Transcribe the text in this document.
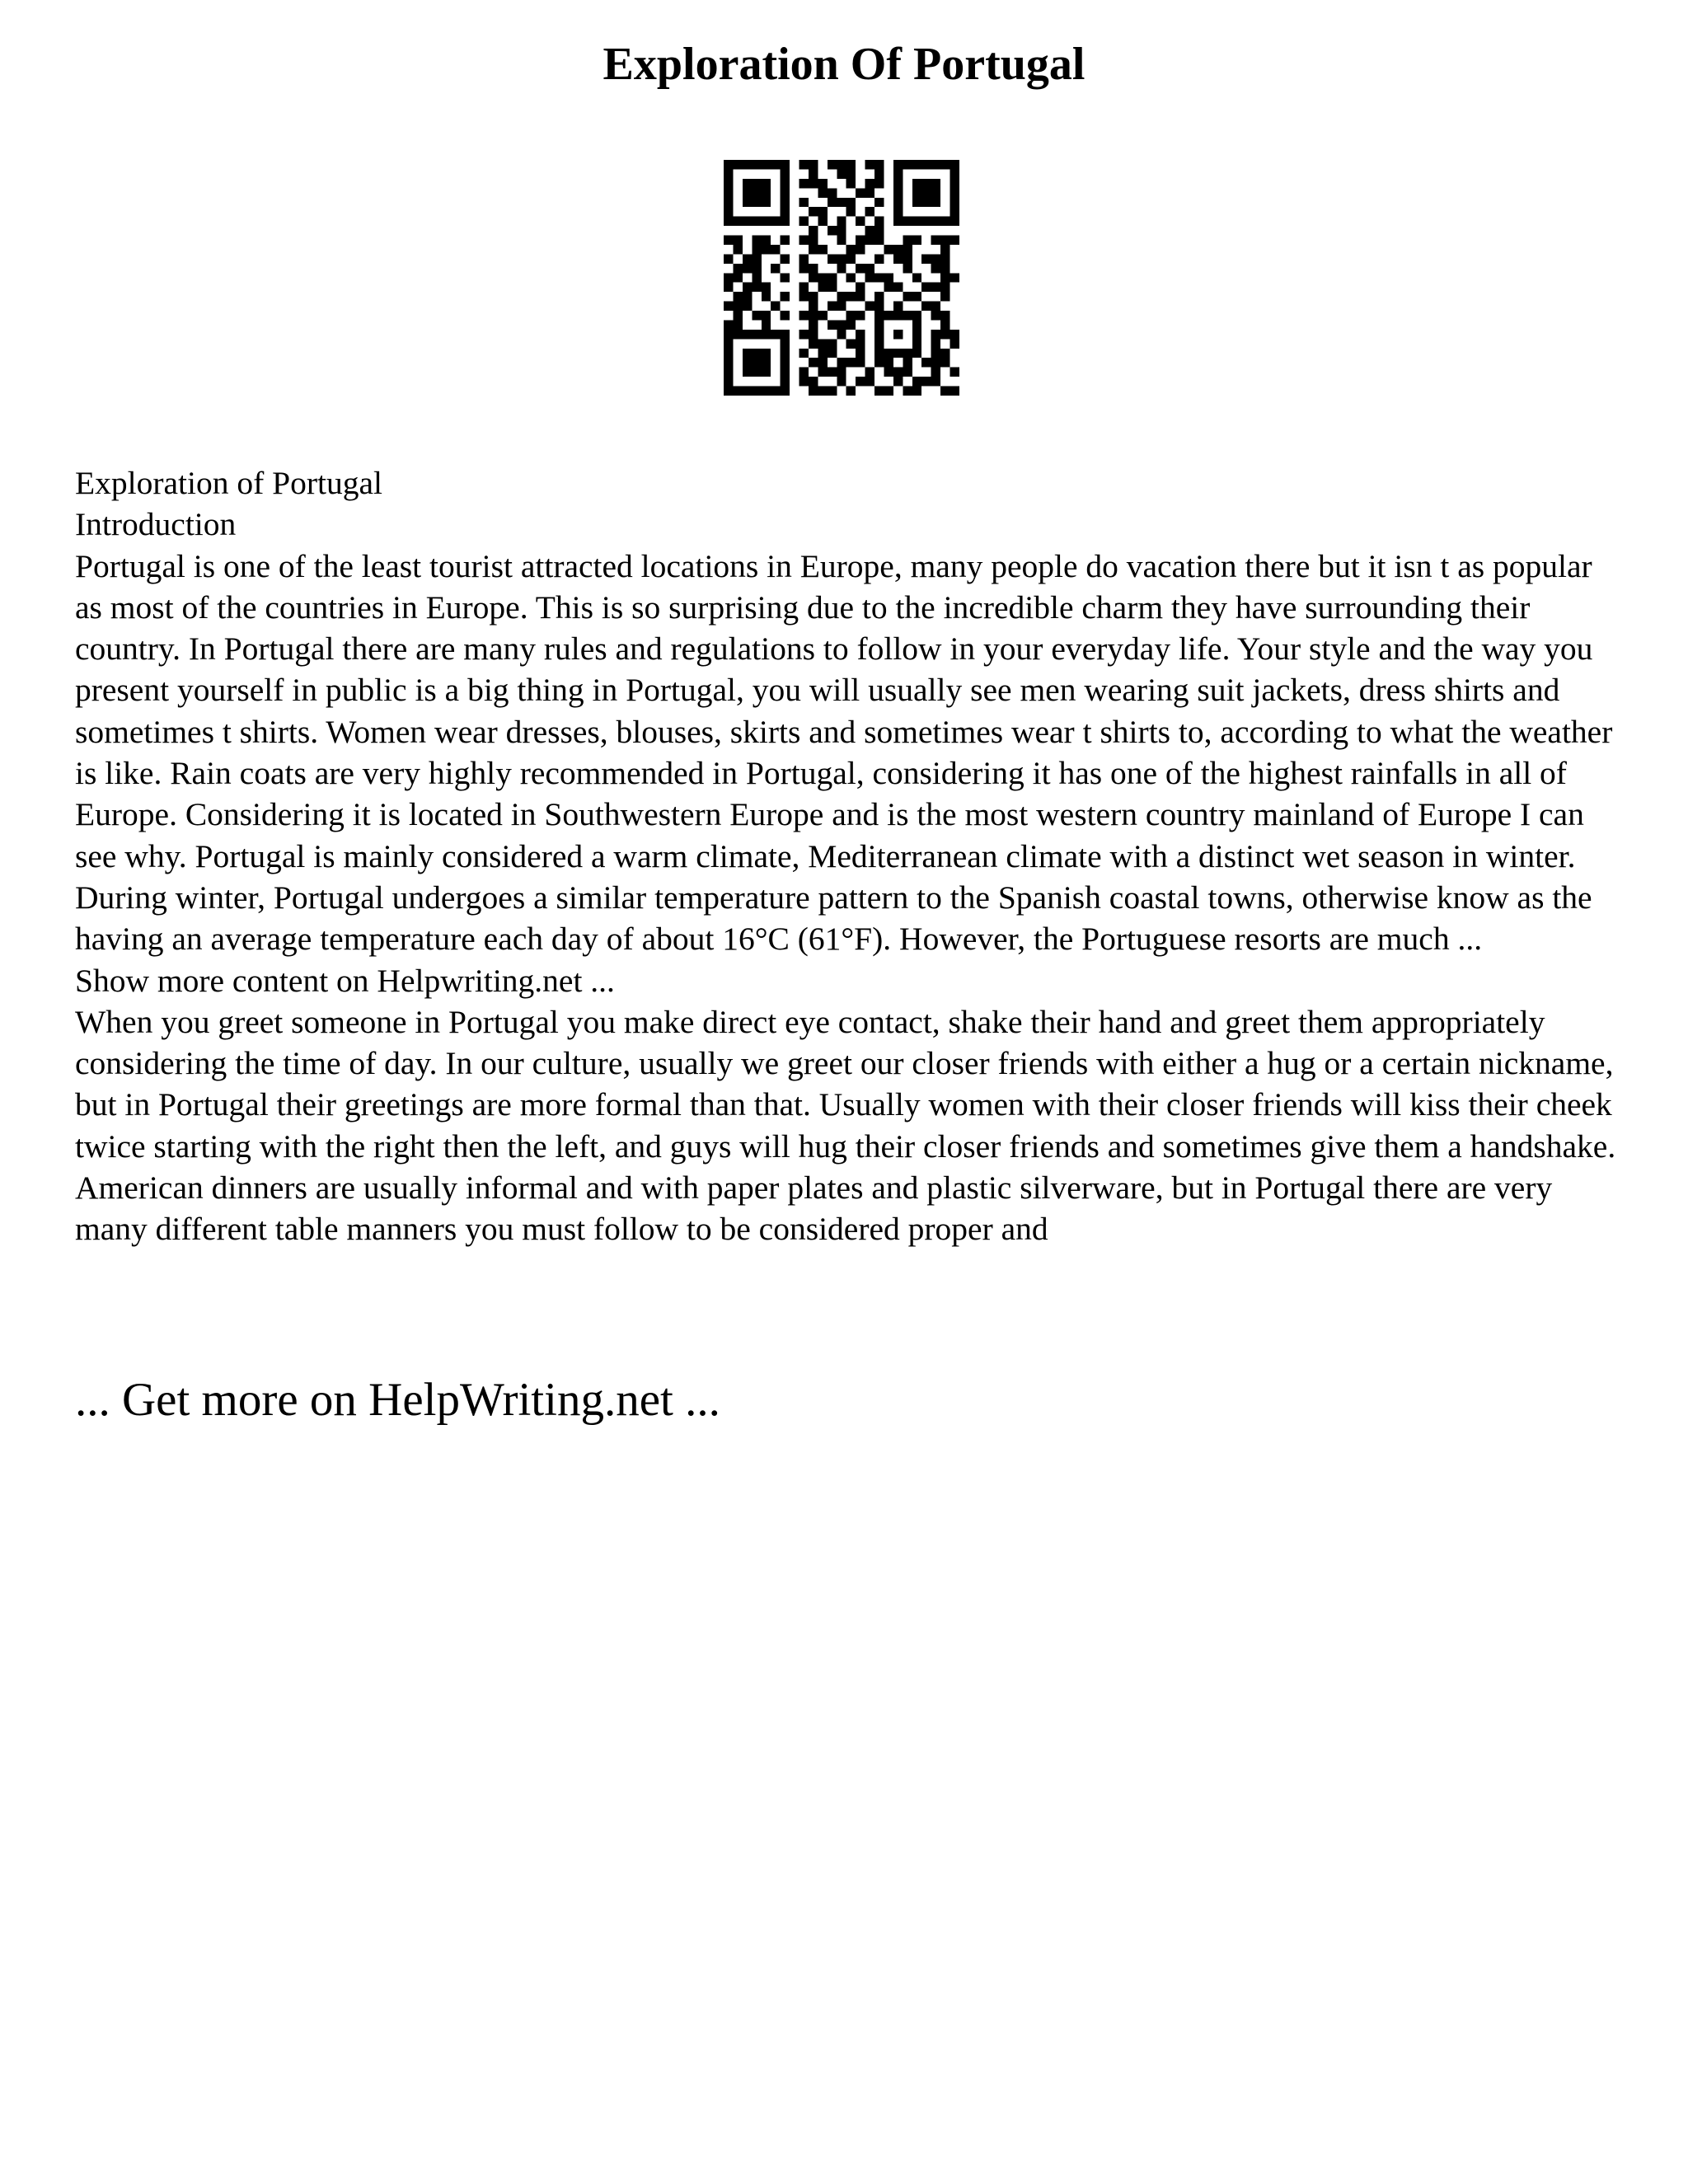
Exploration Of Portugal

Exploration of Portugal

Introduction

Portugal is one of the least tourist attracted locations in Europe, many people do vacation there but it isn t as popular as most of the countries in Europe. This is so surprising due to the incredible charm they have surrounding their country. In Portugal there are many rules and regulations to follow in your everyday life. Your style and the way you present yourself in public is a big thing in Portugal, you will usually see men wearing suit jackets, dress shirts and sometimes t shirts. Women wear dresses, blouses, skirts and sometimes wear t shirts to, according to what the weather is like. Rain coats are very highly recommended in Portugal, considering it has one of the highest rainfalls in all of Europe. Considering it is located in Southwestern Europe and is the most western country mainland of Europe I can see why. Portugal is mainly considered a warm climate, Mediterranean climate with a distinct wet season in winter. During winter, Portugal undergoes a similar temperature pattern to the Spanish coastal towns, otherwise know as the having an average temperature each day of about 16°C (61°F). However, the Portuguese resorts are much ...

Show more content on Helpwriting.net ...

When you greet someone in Portugal you make direct eye contact, shake their hand and greet them appropriately considering the time of day. In our culture, usually we greet our closer friends with either a hug or a certain nickname, but in Portugal their greetings are more formal than that. Usually women with their closer friends will kiss their cheek twice starting with the right then the left, and guys will hug their closer friends and sometimes give them a handshake. American dinners are usually informal and with paper plates and plastic silverware, but in Portugal there are very many different table manners you must follow to be considered proper and

... Get more on HelpWriting.net ...
